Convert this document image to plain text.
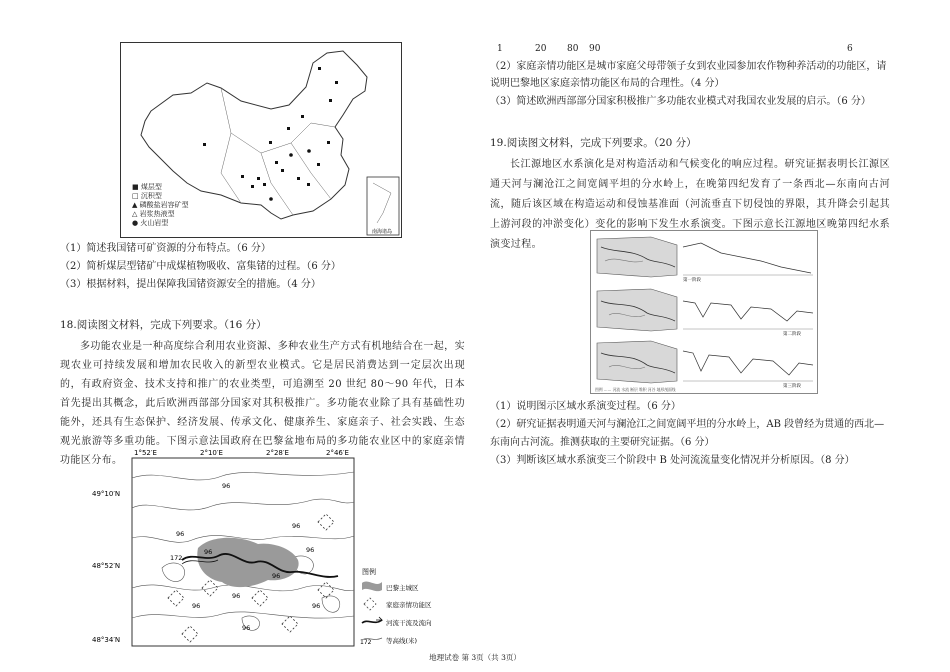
1	20 80 90	6
南海诸岛
■ 煤层型
□ 沉积型
▲ 磷酸盐岩容矿型
△ 岩浆热液型
● 火山岩型

（1）简述我国锗可矿资源的分布特点。（6 分）

（2）简析煤层型锗矿中成煤植物吸收、富集锗的过程。（6 分）

（3）根据材料，提出保障我国锗资源安全的措施。（4 分）

18.阅读图文材料，完成下列要求。（16 分）

多功能农业是一种高度综合利用农业资源、多种农业生产方式有机地结合在一起，实现农业可持续发展和增加农民收入的新型农业模式。它是居民消费达到一定层次出现的，有政府资金、技术支持和推广的农业类型，可追溯至 20 世纪 80～90 年代，日本首先提出其概念，此后欧洲西部部分国家对其积极推广。多功能农业除了具有基础性功能外，还具有生态保护、经济发展、传承文化、健康养生、家庭亲子、社会实践、生态观光旅游等多重功能。下图示意法国政府在巴黎盆地布局的多功能农业区中的家庭亲情功能区分布。

1°52′E	2°10′E	2°28′E	2°46′E
49°10′N
48°52′N
48°34′N
96
96
96
96
96
96
96
96	96
172
96
图例
巴黎主城区
家庭亲情功能区
河流干流及流向
172 等高线(米)

（2）家庭亲情功能区是城市家庭父母带领子女到农业园参加农作物种养活动的功能区，请说明巴黎地区家庭亲情功能区布局的合理性。（4 分）

（3）简述欧洲西部部分国家积极推广多功能农业模式对我国农业发展的启示。（6 分）

19.阅读图文材料，完成下列要求。（20 分）

长江源地区水系演化是对构造活动和气候变化的响应过程。研究证据表明长江源区通天河与澜沧江之间宽阔平坦的分水岭上，在晚第四纪发育了一条西北—东南向古河流，随后该区域在构造运动和侵蚀基准面（河流垂直下切侵蚀的界限，其升降会引起其上游河段的冲淤变化）变化的影响下发生水系演变。下图示意长江源地区晚第四纪水系演变过程。

第一阶段
第二阶段
第三阶段
图例 …… 河流 水流 断层 堆积 河谷 地形剖面线

（1）说明图示区域水系演变过程。（6 分）

（2）研究证据表明通天河与澜沧江之间宽阔平坦的分水岭上，AB 段曾经为贯通的西北—东南向古河流。推测获取的主要研究证据。（6 分）

（3）判断该区域水系演变三个阶段中 B 处河流流量变化情况并分析原因。（8 分）

地理试卷 第 3页（共 3页）
